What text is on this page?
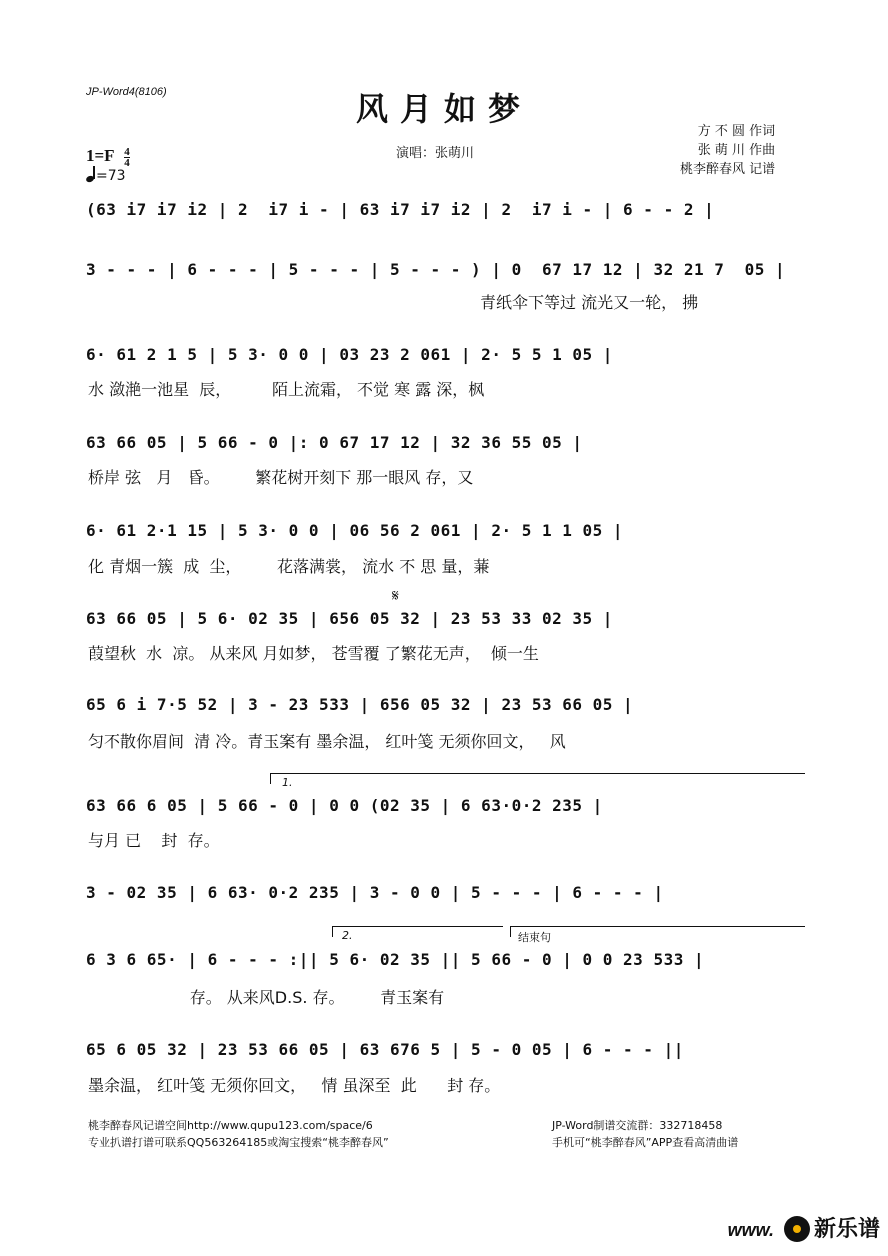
JP-Word4(8106)	风月如梦
演唱：张萌川
方 不 圆 作词
张 萌 川 作曲
桃李醉春风 记谱
$1=F \frac{4}{4}$
=73
𝄋
(63 i7 i7 i2 | 2  i7 i - | 63 i7 i7 i2 | 2  i7 i - | 6 - - 2 |
3 - - - | 6 - - - | 5 - - - | 5 - - - ) | 0  67 17 12 | 32 21 7  05 |
青纸伞下等过 流光又一轮， 拂
6· 61 2 1 5 | 5 3· 0 0 | 03 23 2 061 | 2· 5 5 1 05 |
水 潋滟一池星  辰，        陌上流霜， 不觉 寒 露 深，枫
63 66 05 | 5 66 - 0 |: 0 67 17 12 | 32 36 55 05 |
桥岸 弦   月   昏。       繁花树开刻下 那一眼风 存，又
6· 61 2·1 15 | 5 3· 0 0 | 06 56 2 061 | 2· 5 1 1 05 |
化 青烟一簇  成  尘，       花落满裳， 流水 不 思 量，蒹
63 66 05 | 5 6· 02 35 | 656 05 32 | 23 53 33 02 35 |
葭望秋  水  凉。 从来风 月如梦， 苍雪覆 了繁花无声，  倾一生
65 6 i 7·5 52 | 3 - 23 533 | 656 05 32 | 23 53 66 05 |
匀不散你眉间  清 冷。青玉案有 墨余温， 红叶笺 无须你回文，   风
1.
63 66 6 05 | 5 66 - 0 | 0 0 (02 35 | 6 63·0·2 235 |
与月 已    封  存。
3 - 02 35 | 6 63· 0·2 235 | 3 - 0 0 | 5 - - - | 6 - - - |
2.	结束句
6 3 6 65· | 6 - - - :|| 5 6· 02 35 || 5 66 - 0 | 0 0 23 533 |
存。 从来风D.S. 存。       青玉案有
65 6 05 32 | 23 53 66 05 | 63 676 5 | 5 - 0 05 | 6 - - - ||
墨余温， 红叶笺 无须你回文，   情 虽深至  此      封 存。
桃李醉春风记谱空间http://www.qupu123.com/space/6
专业扒谱打谱可联系QQ563264185或淘宝搜索“桃李醉春风”
JP-Word制谱交流群：332718458
手机可“桃李醉春风”APP查看高清曲谱
www. 新乐谱
